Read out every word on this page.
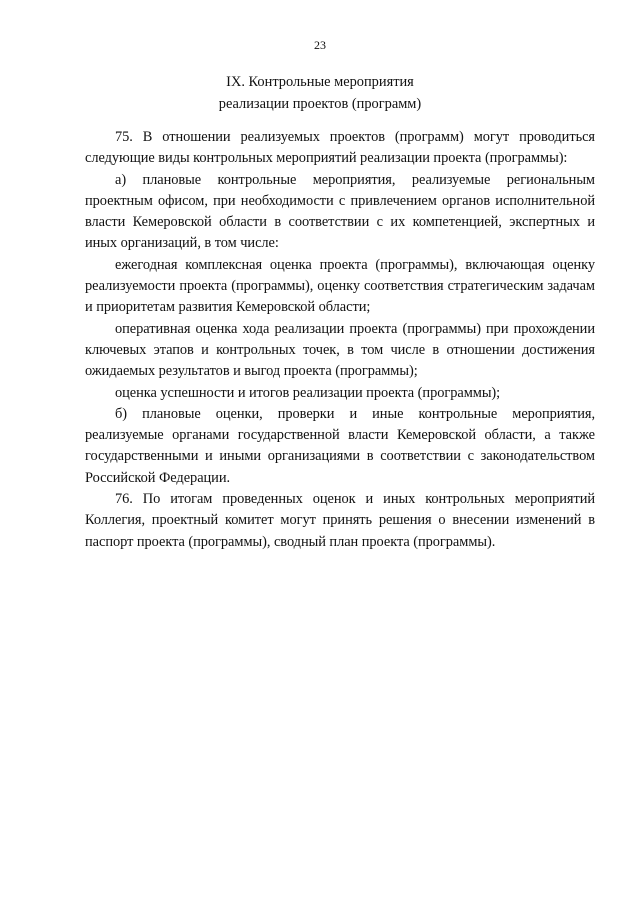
23
IX. Контрольные мероприятия
реализации проектов (программ)

75. В отношении реализуемых проектов (программ) могут проводиться следующие виды контрольных мероприятий реализации проекта (программы):

а) плановые контрольные мероприятия, реализуемые региональным проектным офисом, при необходимости с привлечением органов исполнительной власти Кемеровской области в соответствии с их компетенцией, экспертных и иных организаций, в том числе:

ежегодная комплексная оценка проекта (программы), включающая оценку реализуемости проекта (программы), оценку соответствия стратегическим задачам и приоритетам развития Кемеровской области;

оперативная оценка хода реализации проекта (программы) при прохождении ключевых этапов и контрольных точек, в том числе в отношении достижения ожидаемых результатов и выгод проекта (программы);

оценка успешности и итогов реализации проекта (программы);

б) плановые оценки, проверки и иные контрольные мероприятия, реализуемые органами государственной власти Кемеровской области, а также государственными и иными организациями в соответствии с законодательством Российской Федерации.

76. По итогам проведенных оценок и иных контрольных мероприятий Коллегия, проектный комитет могут принять решения о внесении изменений в паспорт проекта (программы), сводный план проекта (программы).
